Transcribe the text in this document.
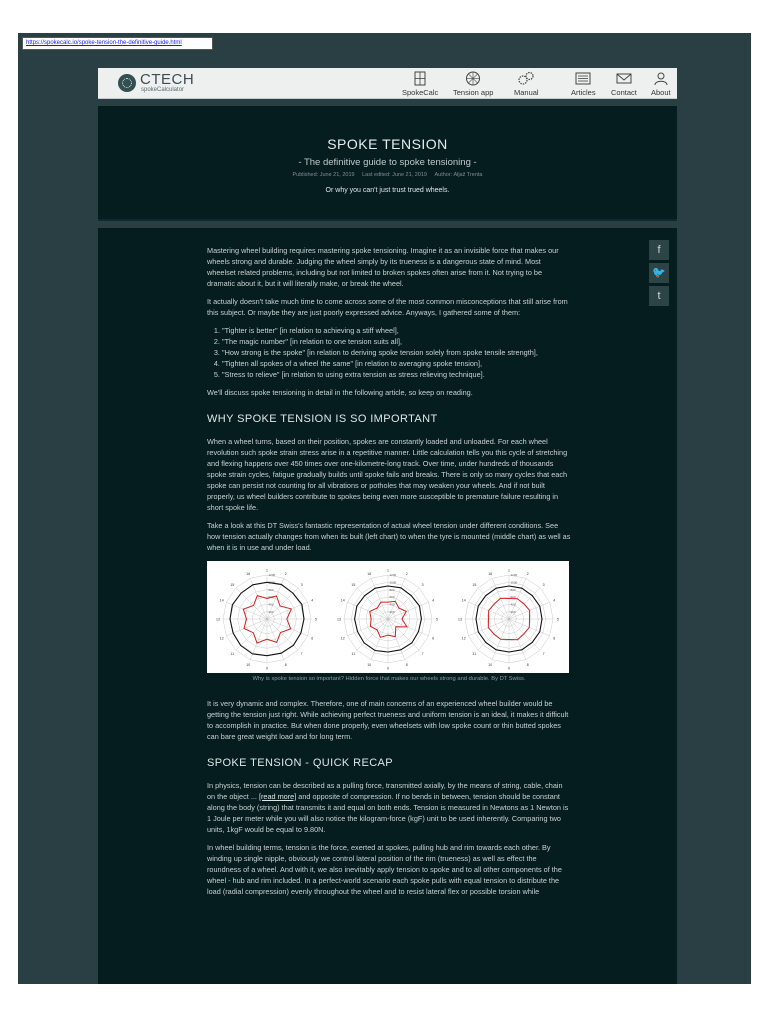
https://spokecalc.io/spoke-tension-the-definitive-guide.html
CTECH
spokeCalculator	SpokeCalc Tension app	Manual	Articles Contact About
SPOKE TENSION
- The definitive guide to spoke tensioning -
Published: June 21, 2019 Last edited: June 21, 2019 Author: Aljaž Trenta
Or why you can't just trust trued wheels.
f
🐦
t

Mastering wheel building requires mastering spoke tensioning. Imagine it as an invisible force that makes our wheels strong and durable. Judging the wheel simply by its trueness is a dangerous state of mind. Most wheelset related problems, including but not limited to broken spokes often arise from it. Not trying to be dramatic about it, but it will literally make, or break the wheel.

It actually doesn't take much time to come across some of the most common misconceptions that still arise from this subject. Or maybe they are just poorly expressed advice. Anyways, I gathered some of them:

1. "Tighter is better" [in relation to achieving a stiff wheel],
2. "The magic number" [in relation to one tension suits all],
3. "How strong is the spoke" [in relation to deriving spoke tension solely from spoke tensile strength],
4. "Tighten all spokes of a wheel the same" [in relation to averaging spoke tension],
5. "Stress to relieve" [in relation to using extra tension as stress relieving technique].

We'll discuss spoke tensioning in detail in the following article, so keep on reading.

WHY SPOKE TENSION IS SO IMPORTANT

When a wheel turns, based on their position, spokes are constantly loaded and unloaded. For each wheel revolution such spoke strain stress arise in a repetitive manner. Little calculation tells you this cycle of stretching and flexing happens over 450 times over one-kilometre-long track. Over time, under hundreds of thousands spoke strain cycles, fatigue gradually builds until spoke fails and breaks. There is only so many cycles that each spoke can persist not counting for all vibrations or potholes that may weaken your wheels. And if not built properly, us wheel builders contribute to spokes being even more susceptible to premature failure resulting in short spoke life.

Take a look at this DT Swiss's fantastic representation of actual wheel tension under different conditions. See how tension actually changes from when its built (left chart) to when the tyre is mounted (middle chart) as well as when it is in use and under load.

1
2
3
4
5
6
7
8
9
10
11
12
13
14
15
16
200
400
600
800
1000
1200
1
2
3
4
5
6
7
8
9
10
11
12
13
14
15
16
200
400
600
800
1000
1200
1
2
3
4
5
6
7
8
9
10
11
12
13
14
15
16
200
400
600
800
1000
1200
Why is spoke tension so important? Hidden force that makes our wheels strong and durable. By DT Swiss.

It is very dynamic and complex. Therefore, one of main concerns of an experienced wheel builder would be getting the tension just right. While achieving perfect trueness and uniform tension is an ideal, it makes it difficult to accomplish in practice. But when done properly, even wheelsets with low spoke count or thin butted spokes can bare great weight load and for long term.

SPOKE TENSION - QUICK RECAP

In physics, tension can be described as a pulling force, transmitted axially, by the means of string, cable, chain on the object ... [read more] and opposite of compression. If no bends in between, tension should be constant along the body (string) that transmits it and equal on both ends. Tension is measured in Newtons as 1 Newton is 1 Joule per meter while you will also notice the kilogram-force (kgF) unit to be used inherently. Comparing two units, 1kgF would be equal to 9.80N.

In wheel building terms, tension is the force, exerted at spokes, pulling hub and rim towards each other. By winding up single nipple, obviously we control lateral position of the rim (trueness) as well as effect the roundness of a wheel. And with it, we also inevitably apply tension to spoke and to all other components of the wheel - hub and rim included. In a perfect-world scenario each spoke pulls with equal tension to distribute the load (radial compression) evenly throughout the wheel and to resist lateral flex or possible torsion while
